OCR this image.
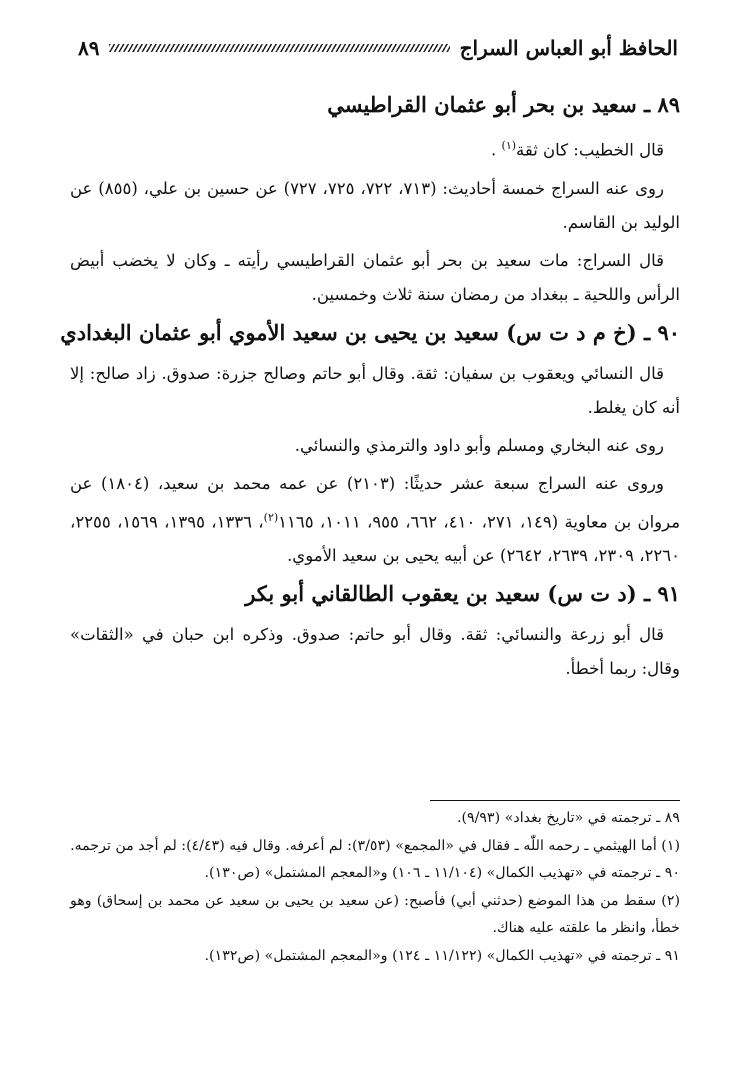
الحافظ أبو العباس السراج
٨٩
٨٩ ـ سعيد بن بحر أبو عثمان القراطيسي

قال الخطيب: كان ثقة$^{(١)}$ .

روى عنه السراج خمسة أحاديث: (٧١٣، ٧٢٢، ٧٢٥، ٧٢٧) عن حسين بن علي، (٨٥٥) عن الوليد بن القاسم.

قال السراج: مات سعيد بن بحر أبو عثمان القراطيسي رأيته ـ وكان لا يخضب أبيض الرأس واللحية ـ ببغداد من رمضان سنة ثلاث وخمسين.

٩٠ ـ (خ م د ت س) سعيد بن يحيى بن سعيد الأموي أبو عثمان البغدادي

قال النسائي ويعقوب بن سفيان: ثقة. وقال أبو حاتم وصالح جزرة: صدوق. زاد صالح: إلا أنه كان يغلط.

روى عنه البخاري ومسلم وأبو داود والترمذي والنسائي.

وروى عنه السراج سبعة عشر حديثًا: (٢١٠٣) عن عمه محمد بن سعيد، (١٨٠٤) عن مروان بن معاوية (١٤٩، ٢٧١، ٤١٠، ٦٦٢، ٩٥٥، ١٠١١، ١١٦٥$^{(٢)}$، ١٣٣٦، ١٣٩٥، ١٥٦٩، ٢٢٥٥، ٢٢٦٠، ٢٣٠٩، ٢٦٣٩، ٢٦٤٢) عن أبيه يحيى بن سعيد الأموي.

٩١ ـ (د ت س) سعيد بن يعقوب الطالقاني أبو بكر

قال أبو زرعة والنسائي: ثقة. وقال أبو حاتم: صدوق. وذكره ابن حبان في «الثقات» وقال: ربما أخطأ.

٨٩ ـ ترجمته في «تاريخ بغداد» (٩/٩٣).

(١) أما الهيثمي ـ رحمه اللّٰه ـ فقال في «المجمع» (٣/٥٣): لم أعرفه. وقال فيه (٤/٤٣): لم أجد من ترجمه.

٩٠ ـ ترجمته في «تهذيب الكمال» (١١/١٠٤ ـ ١٠٦) و«المعجم المشتمل» (ص١٣٠).

(٢) سقط من هذا الموضع (حدثني أبي) فأصبح: (عن سعيد بن يحيى بن سعيد عن محمد بن إسحاق) وهو خطأ، وانظر ما علقته عليه هناك.

٩١ ـ ترجمته في «تهذيب الكمال» (١١/١٢٢ ـ ١٢٤) و«المعجم المشتمل» (ص١٣٢).
